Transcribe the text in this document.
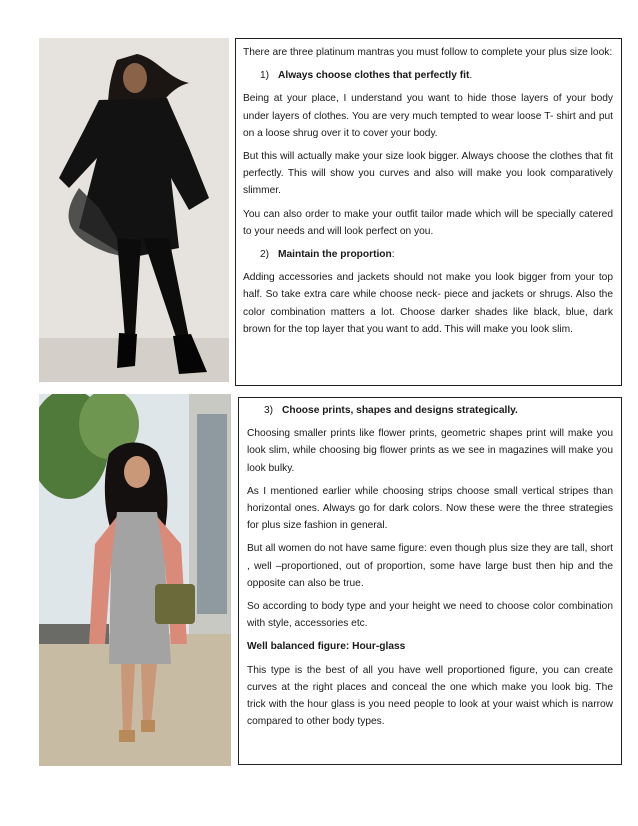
There are three platinum mantras you must follow to complete your plus size look:

1) Always choose clothes that perfectly fit.

Being at your place, I understand you want to hide those layers of your body under layers of clothes. You are very much tempted to wear loose T- shirt and put on a loose shrug over it to cover your body.

But this will actually make your size look bigger. Always choose the clothes that fit perfectly. This will show you curves and also will make you look comparatively slimmer.

You can also order to make your outfit tailor made which will be specially catered to your needs and will look perfect on you.

2) Maintain the proportion:

Adding accessories and jackets should not make you look bigger from your top half. So take extra care while choose neck- piece and jackets or shrugs. Also the color combination matters a lot. Choose darker shades like black, blue, dark brown for the top layer that you want to add. This will make you look slim.

3) Choose prints, shapes and designs strategically.

Choosing smaller prints like flower prints, geometric shapes print will make you look slim, while choosing big flower prints as we see in magazines will make you look bulky.

As I mentioned earlier while choosing strips choose small vertical stripes than horizontal ones. Always go for dark colors. Now these were the three strategies for plus size fashion in general.

But all women do not have same figure: even though plus size they are tall, short , well –proportioned, out of proportion, some have large bust then hip and the opposite can also be true.

So according to body type and your height we need to choose color combination with style, accessories etc.

Well balanced figure: Hour-glass

This type is the best of all you have well proportioned figure, you can create curves at the right places and conceal the one which make you look big. The trick with the hour glass is you need people to look at your waist which is narrow compared to other body types.
